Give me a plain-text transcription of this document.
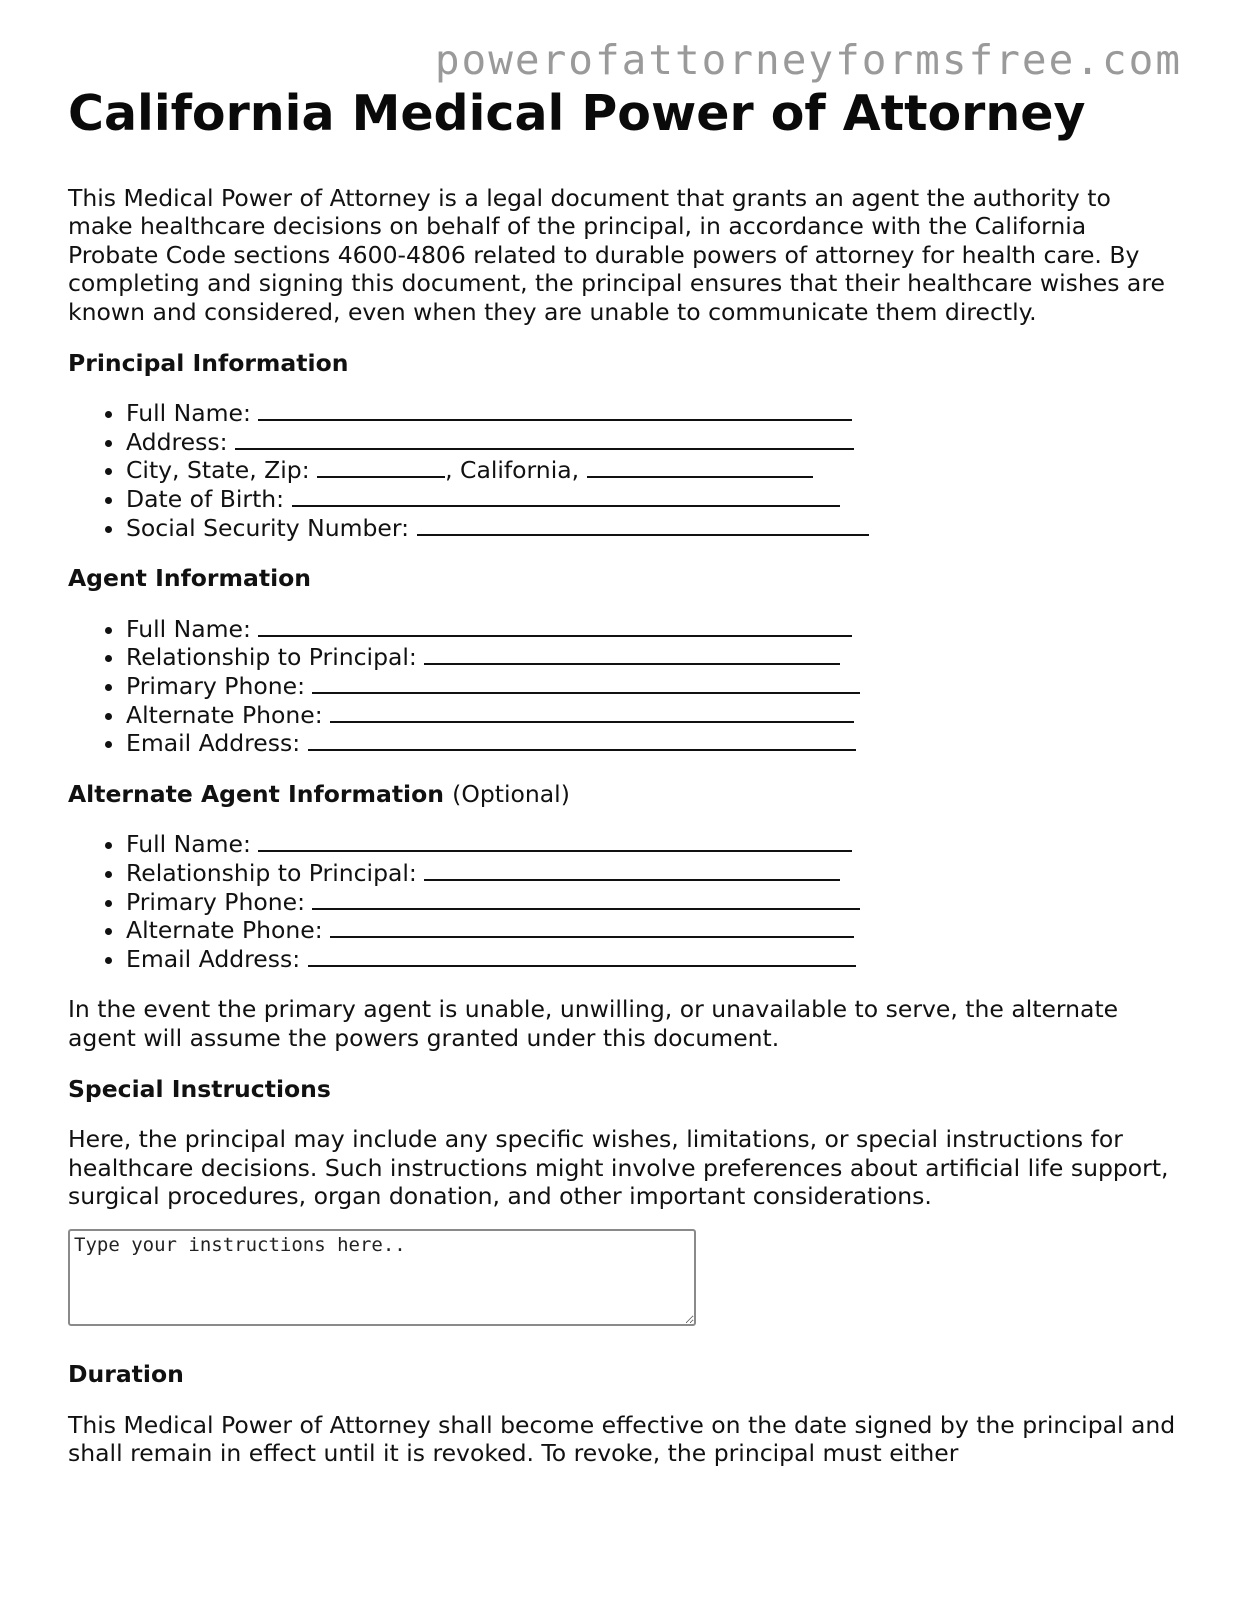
powerofattorneyformsfree.com
California Medical Power of Attorney

This Medical Power of Attorney is a legal document that grants an agent the authority to make healthcare decisions on behalf of the principal, in accordance with the California Probate Code sections 4600-4806 related to durable powers of attorney for health care. By completing and signing this document, the principal ensures that their healthcare wishes are known and considered, even when they are unable to communicate them directly.

Principal Information
• Full Name:
• Address:
• City, State, Zip:	, California,
• Date of Birth:
• Social Security Number:
Agent Information
• Full Name:
• Relationship to Principal:
• Primary Phone:
• Alternate Phone:
• Email Address:
Alternate Agent Information (Optional)
• Full Name:
• Relationship to Principal:
• Primary Phone:
• Alternate Phone:
• Email Address:

In the event the primary agent is unable, unwilling, or unavailable to serve, the alternate agent will assume the powers granted under this document.

Special Instructions

Here, the principal may include any specific wishes, limitations, or special instructions for healthcare decisions. Such instructions might involve preferences about artificial life support, surgical procedures, organ donation, and other important considerations.

Type your instructions here..
Duration

This Medical Power of Attorney shall become effective on the date signed by the principal and shall remain in effect until it is revoked. To revoke, the principal must either
